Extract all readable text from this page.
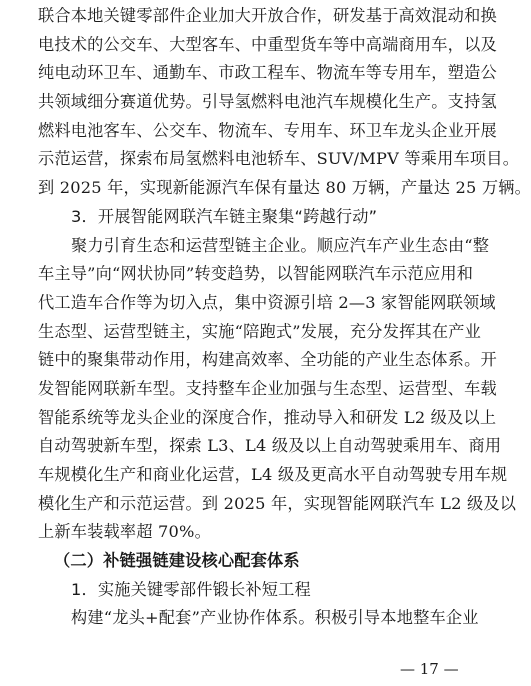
联合本地关键零部件企业加大开放合作，研发基于高效混动和换
电技术的公交车、大型客车、中重型货车等中高端商用车，以及
纯电动环卫车、通勤车、市政工程车、物流车等专用车，塑造公
共领域细分赛道优势。引导氢燃料电池汽车规模化生产。支持氢
燃料电池客车、公交车、物流车、专用车、环卫车龙头企业开展
示范运营，探索布局氢燃料电池轿车、SUV/MPV 等乘用车项目。
到 2025 年，实现新能源汽车保有量达 80 万辆，产量达 25 万辆。
3．开展智能网联汽车链主聚集“跨越行动”
聚力引育生态和运营型链主企业。顺应汽车产业生态由“整
车主导”向“网状协同”转变趋势，以智能网联汽车示范应用和
代工造车合作等为切入点，集中资源引培 2—3 家智能网联领域
生态型、运营型链主，实施“陪跑式”发展，充分发挥其在产业
链中的聚集带动作用，构建高效率、全功能的产业生态体系。开
发智能网联新车型。支持整车企业加强与生态型、运营型、车载
智能系统等龙头企业的深度合作，推动导入和研发 L2 级及以上
自动驾驶新车型，探索 L3、L4 级及以上自动驾驶乘用车、商用
车规模化生产和商业化运营，L4 级及更高水平自动驾驶专用车规
模化生产和示范运营。到 2025 年，实现智能网联汽车 L2 级及以
上新车装载率超 70%。
（二）补链强链建设核心配套体系
1．实施关键零部件锻长补短工程
构建“龙头+配套”产业协作体系。积极引导本地整车企业
— 17 —
